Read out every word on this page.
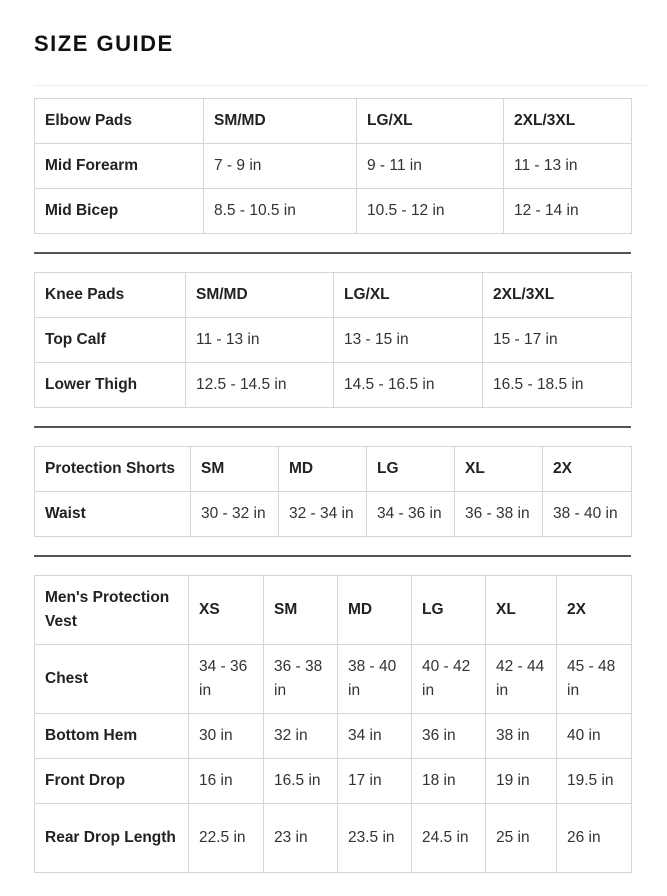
SIZE GUIDE
Elbow Pads	SM/MD	LG/XL	2XL/3XL
Mid Forearm	7 - 9 in	9 - 11 in	11 - 13 in
Mid Bicep	8.5 - 10.5 in	10.5 - 12 in	12 - 14 in
Knee Pads	SM/MD	LG/XL	2XL/3XL
Top Calf	11 - 13 in	13 - 15 in	15 - 17 in
Lower Thigh	12.5 - 14.5 in	14.5 - 16.5 in	16.5 - 18.5 in
Protection Shorts	SM	MD	LG	XL	2X
Waist	30 - 32 in	32 - 34 in	34 - 36 in	36 - 38 in	38 - 40 in
Men's Protection Vest	XS	SM	MD	LG	XL	2X
Chest	34 - 36 in	36 - 38 in	38 - 40 in	40 - 42 in	42 - 44 in	45 - 48 in
Bottom Hem	30 in	32 in	34 in	36 in	38 in	40 in
Front Drop	16 in	16.5 in	17 in	18 in	19 in	19.5 in
Rear Drop Length	22.5 in	23 in	23.5 in	24.5 in	25 in	26 in
